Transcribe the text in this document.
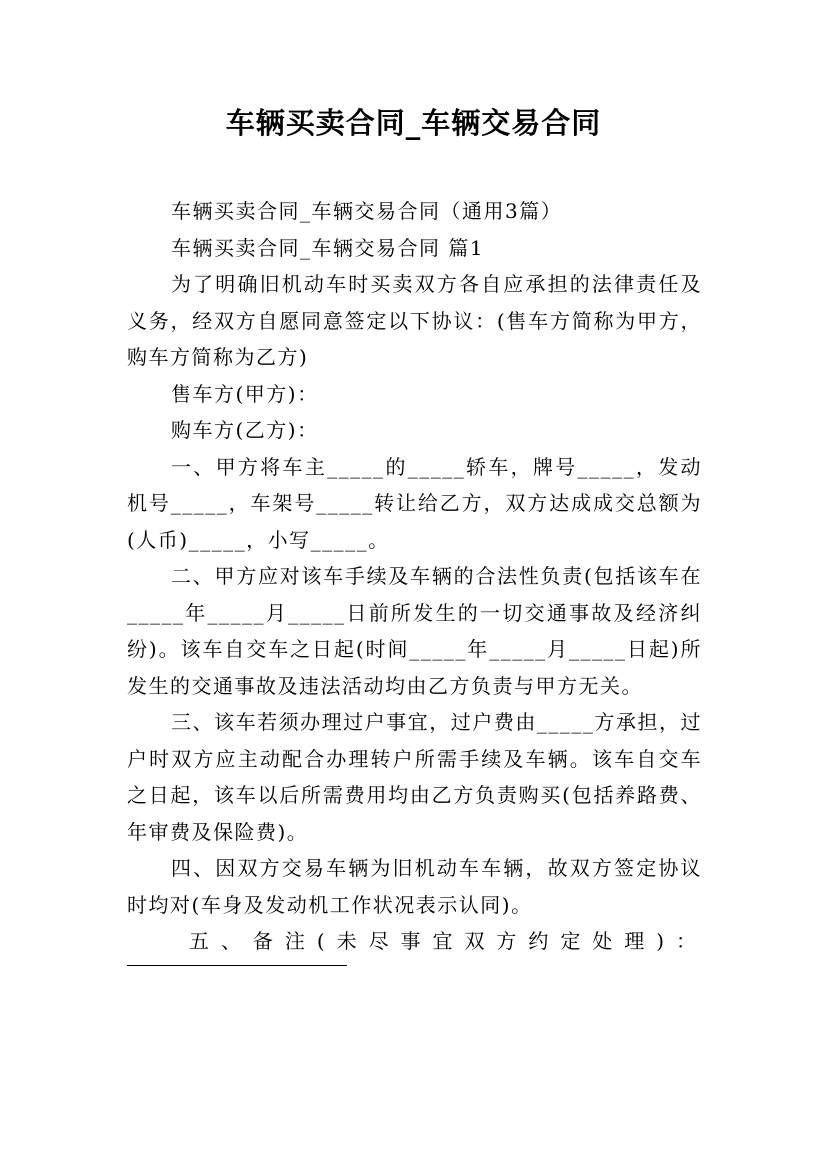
车辆买卖合同_车辆交易合同

车辆买卖合同_车辆交易合同（通用3篇）

车辆买卖合同_车辆交易合同 篇1

为了明确旧机动车时买卖双方各自应承担的法律责任及义务，经双方自愿同意签定以下协议：(售车方简称为甲方，购车方简称为乙方)

售车方(甲方)：

购车方(乙方)：

一、甲方将车主_____的_____轿车，牌号_____，发动机号_____，车架号_____转让给乙方，双方达成成交总额为(人币)_____，小写_____。

二、甲方应对该车手续及车辆的合法性负责(包括该车在_____年_____月_____日前所发生的一切交通事故及经济纠纷)。该车自交车之日起(时间_____年_____月_____日起)所发生的交通事故及违法活动均由乙方负责与甲方无关。

三、该车若须办理过户事宜，过户费由_____方承担，过户时双方应主动配合办理转户所需手续及车辆。该车自交车之日起，该车以后所需费用均由乙方负责购买(包括养路费、年审费及保险费)。

四、因双方交易车辆为旧机动车车辆，故双方签定协议时均对(车身及发动机工作状况表示认同)。

五、备注(未尽事宜双方约定处理)：
